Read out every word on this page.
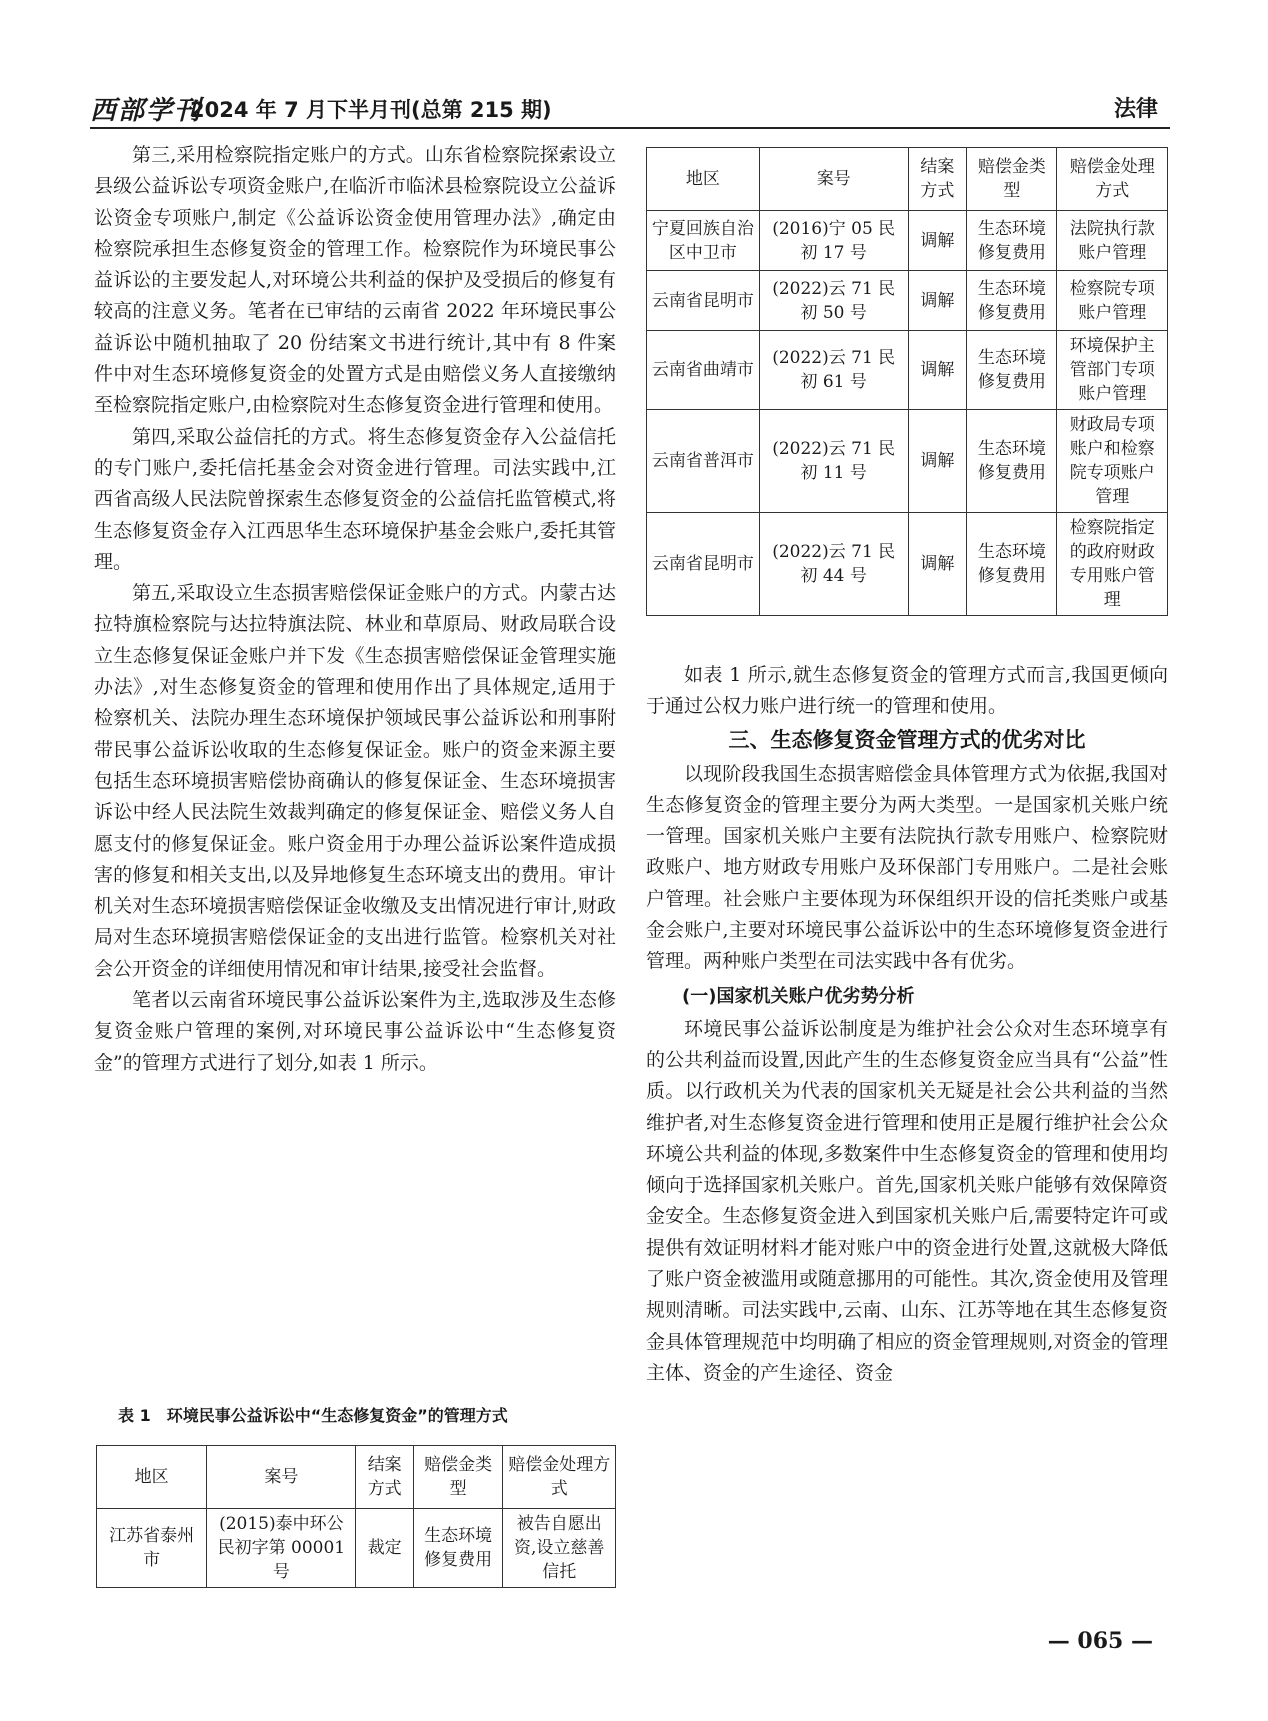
西部学刊
2024 年 7 月下半月刊(总第 215 期)	法律

第三,采用检察院指定账户的方式。山东省检察院探索设立县级公益诉讼专项资金账户,在临沂市临沭县检察院设立公益诉讼资金专项账户,制定《公益诉讼资金使用管理办法》,确定由检察院承担生态修复资金的管理工作。检察院作为环境民事公益诉讼的主要发起人,对环境公共利益的保护及受损后的修复有较高的注意义务。笔者在已审结的云南省 2022 年环境民事公益诉讼中随机抽取了 20 份结案文书进行统计,其中有 8 件案件中对生态环境修复资金的处置方式是由赔偿义务人直接缴纳至检察院指定账户,由检察院对生态修复资金进行管理和使用。

第四,采取公益信托的方式。将生态修复资金存入公益信托的专门账户,委托信托基金会对资金进行管理。司法实践中,江西省高级人民法院曾探索生态修复资金的公益信托监管模式,将生态修复资金存入江西思华生态环境保护基金会账户,委托其管理。

第五,采取设立生态损害赔偿保证金账户的方式。内蒙古达拉特旗检察院与达拉特旗法院、林业和草原局、财政局联合设立生态修复保证金账户并下发《生态损害赔偿保证金管理实施办法》,对生态修复资金的管理和使用作出了具体规定,适用于检察机关、法院办理生态环境保护领域民事公益诉讼和刑事附带民事公益诉讼收取的生态修复保证金。账户的资金来源主要包括生态环境损害赔偿协商确认的修复保证金、生态环境损害诉讼中经人民法院生效裁判确定的修复保证金、赔偿义务人自愿支付的修复保证金。账户资金用于办理公益诉讼案件造成损害的修复和相关支出,以及异地修复生态环境支出的费用。审计机关对生态环境损害赔偿保证金收缴及支出情况进行审计,财政局对生态环境损害赔偿保证金的支出进行监管。检察机关对社会公开资金的详细使用情况和审计结果,接受社会监督。

笔者以云南省环境民事公益诉讼案件为主,选取涉及生态修复资金账户管理的案例,对环境民事公益诉讼中“生态修复资金”的管理方式进行了划分,如表 1 所示。

表 1　环境民事公益诉讼中“生态修复资金”的管理方式
地区	案号	结案方式	赔偿金类型	赔偿金处理方式
江苏省泰州市	(2015)泰中环公民初字第 00001 号	裁定	生态环境修复费用	被告自愿出资,设立慈善信托
地区	案号	结案方式	赔偿金类型	赔偿金处理方式
宁夏回族自治区中卫市	(2016)宁 05 民初 17 号	调解	生态环境修复费用	法院执行款账户管理
云南省昆明市	(2022)云 71 民初 50 号	调解	生态环境修复费用	检察院专项账户管理
云南省曲靖市	(2022)云 71 民初 61 号	调解	生态环境修复费用	环境保护主管部门专项账户管理
云南省普洱市	(2022)云 71 民初 11 号	调解	生态环境修复费用	财政局专项账户和检察院专项账户管理
云南省昆明市	(2022)云 71 民初 44 号	调解	生态环境修复费用	检察院指定的政府财政专用账户管理

如表 1 所示,就生态修复资金的管理方式而言,我国更倾向于通过公权力账户进行统一的管理和使用。

三、生态修复资金管理方式的优劣对比

以现阶段我国生态损害赔偿金具体管理方式为依据,我国对生态修复资金的管理主要分为两大类型。一是国家机关账户统一管理。国家机关账户主要有法院执行款专用账户、检察院财政账户、地方财政专用账户及环保部门专用账户。二是社会账户管理。社会账户主要体现为环保组织开设的信托类账户或基金会账户,主要对环境民事公益诉讼中的生态环境修复资金进行管理。两种账户类型在司法实践中各有优劣。

(一)国家机关账户优劣势分析

环境民事公益诉讼制度是为维护社会公众对生态环境享有的公共利益而设置,因此产生的生态修复资金应当具有“公益”性质。以行政机关为代表的国家机关无疑是社会公共利益的当然维护者,对生态修复资金进行管理和使用正是履行维护社会公众环境公共利益的体现,多数案件中生态修复资金的管理和使用均倾向于选择国家机关账户。首先,国家机关账户能够有效保障资金安全。生态修复资金进入到国家机关账户后,需要特定许可或提供有效证明材料才能对账户中的资金进行处置,这就极大降低了账户资金被滥用或随意挪用的可能性。其次,资金使用及管理规则清晰。司法实践中,云南、山东、江苏等地在其生态修复资金具体管理规范中均明确了相应的资金管理规则,对资金的管理主体、资金的产生途径、资金

— 065 —
